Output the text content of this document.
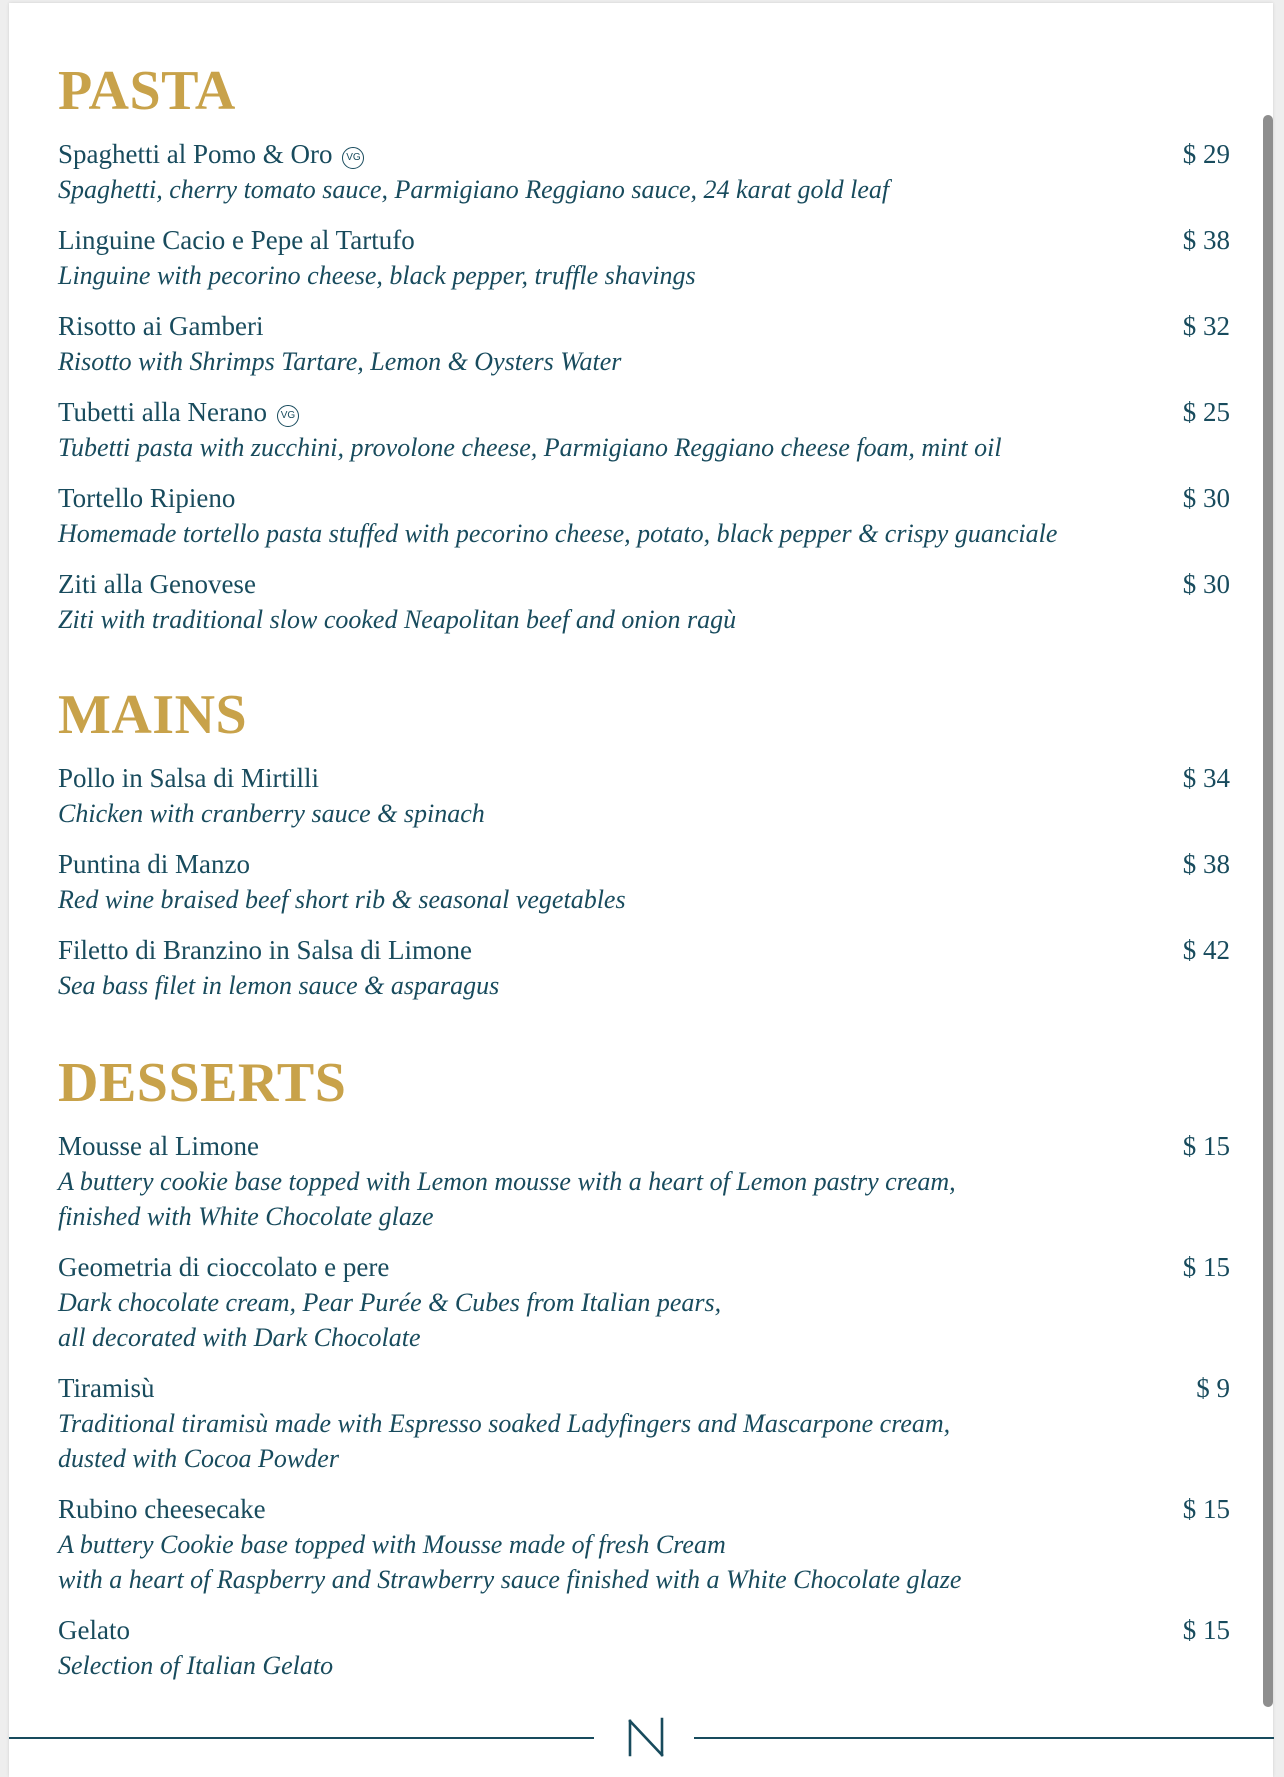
PASTA
Spaghetti al Pomo & Oro VG	$ 29
Spaghetti, cherry tomato sauce, Parmigiano Reggiano sauce, 24 karat gold leaf
Linguine Cacio e Pepe al Tartufo	$ 38
Linguine with pecorino cheese, black pepper, truffle shavings
Risotto ai Gamberi	$ 32
Risotto with Shrimps Tartare, Lemon & Oysters Water
Tubetti alla Nerano VG	$ 25
Tubetti pasta with zucchini, provolone cheese, Parmigiano Reggiano cheese foam, mint oil
Tortello Ripieno	$ 30
Homemade tortello pasta stuffed with pecorino cheese, potato, black pepper & crispy guanciale
Ziti alla Genovese	$ 30
Ziti with traditional slow cooked Neapolitan beef and onion ragù
MAINS
Pollo in Salsa di Mirtilli	$ 34
Chicken with cranberry sauce & spinach
Puntina di Manzo	$ 38
Red wine braised beef short rib & seasonal vegetables
Filetto di Branzino in Salsa di Limone	$ 42
Sea bass filet in lemon sauce & asparagus
DESSERTS
Mousse al Limone	$ 15
A buttery cookie base topped with Lemon mousse with a heart of Lemon pastry cream,
finished with White Chocolate glaze
Geometria di cioccolato e pere	$ 15
Dark chocolate cream, Pear Purée & Cubes from Italian pears,
all decorated with Dark Chocolate
Tiramisù	$ 9
Traditional tiramisù made with Espresso soaked Ladyfingers and Mascarpone cream,
dusted with Cocoa Powder
Rubino cheesecake	$ 15
A buttery Cookie base topped with Mousse made of fresh Cream
with a heart of Raspberry and Strawberry sauce finished with a White Chocolate glaze
Gelato	$ 15
Selection of Italian Gelato
